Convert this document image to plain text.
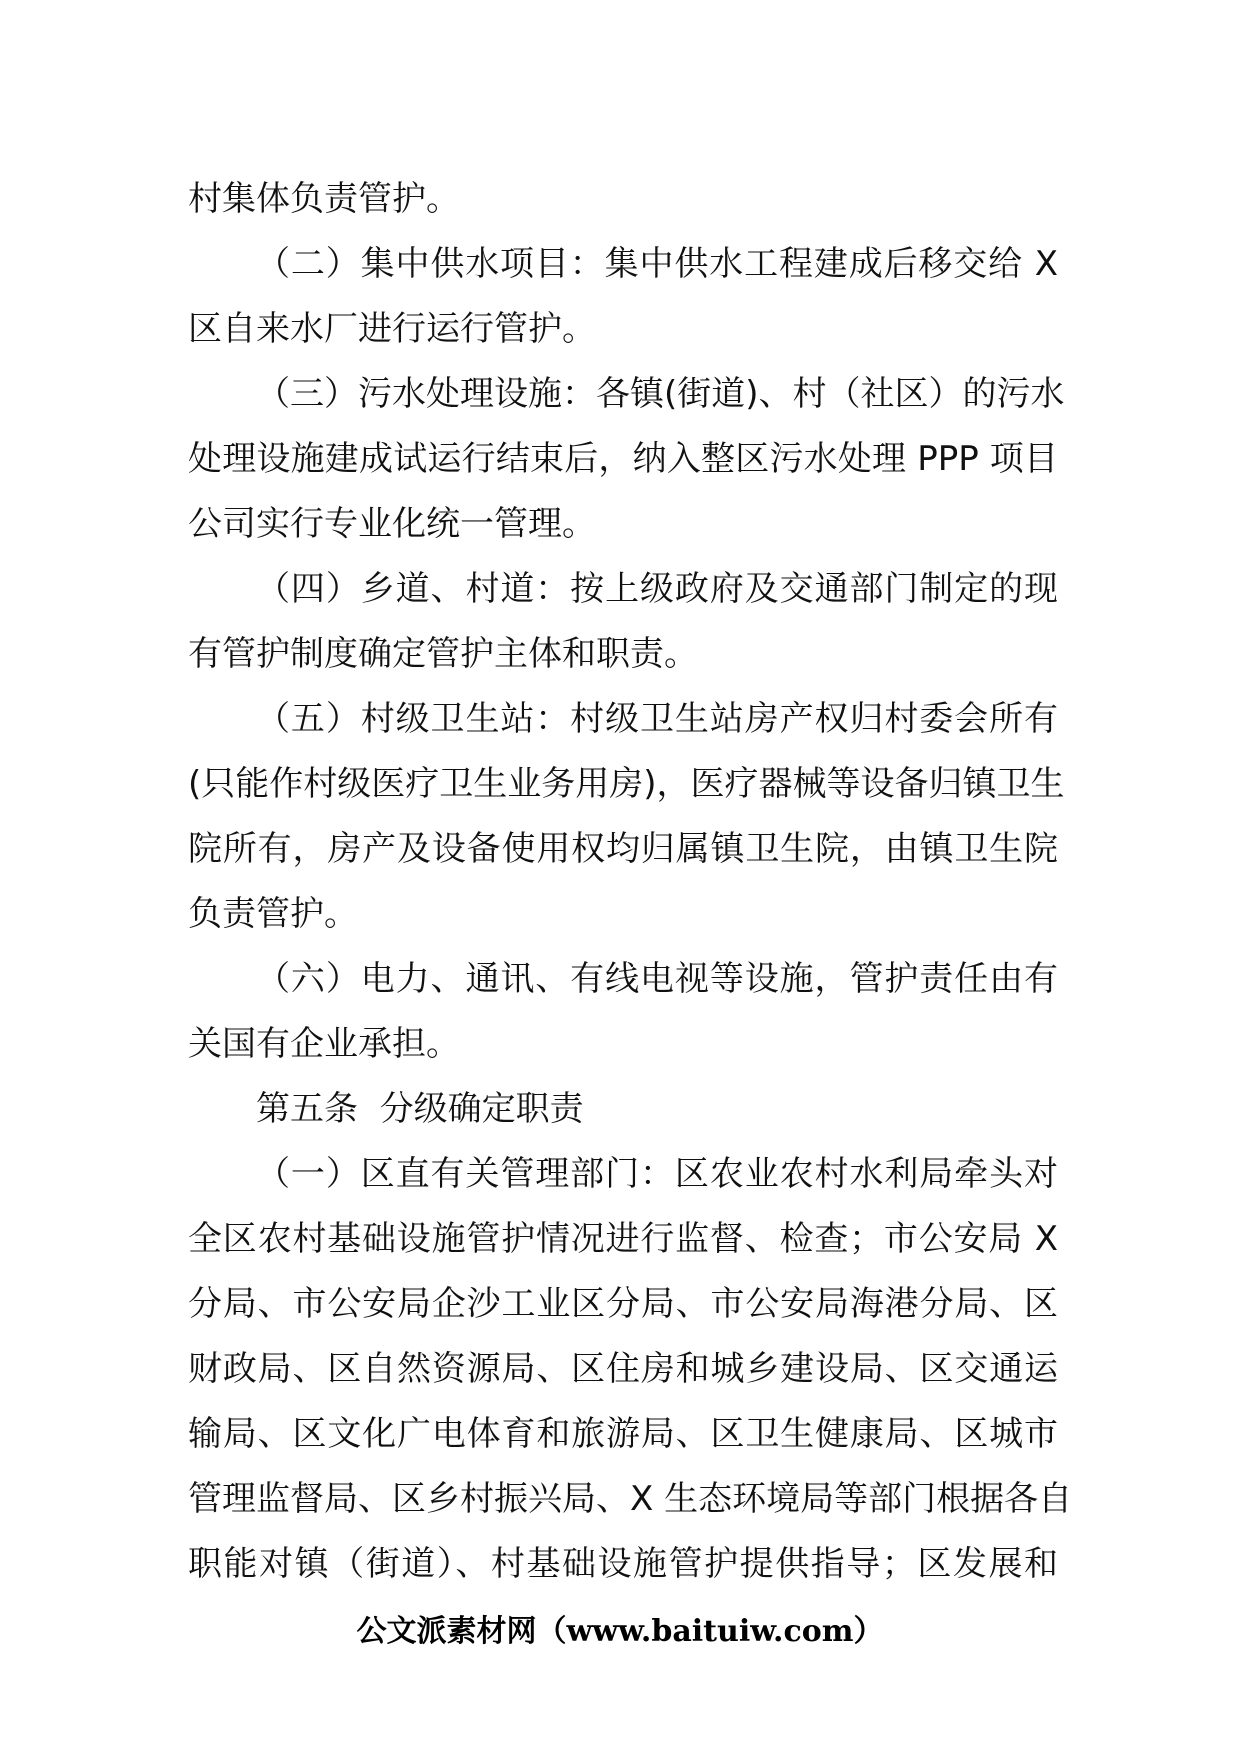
村集体负责管护。
（二）集中供水项目：集中供水工程建成后移交给 X
区自来水厂进行运行管护。
（三）污水处理设施：各镇(街道)、村（社区）的污水
处理设施建成试运行结束后，纳入整区污水处理 PPP 项目
公司实行专业化统一管理。
（四）乡道、村道：按上级政府及交通部门制定的现
有管护制度确定管护主体和职责。
（五）村级卫生站：村级卫生站房产权归村委会所有
(只能作村级医疗卫生业务用房)，医疗器械等设备归镇卫生
院所有，房产及设备使用权均归属镇卫生院，由镇卫生院
负责管护。
（六）电力、通讯、有线电视等设施，管护责任由有
关国有企业承担。
第五条  分级确定职责
（一）区直有关管理部门：区农业农村水利局牵头对
全区农村基础设施管护情况进行监督、检查；市公安局 X
分局、市公安局企沙工业区分局、市公安局海港分局、区
财政局、区自然资源局、区住房和城乡建设局、区交通运
输局、区文化广电体育和旅游局、区卫生健康局、区城市
管理监督局、区乡村振兴局、X 生态环境局等部门根据各自
职能对镇（街道）、村基础设施管护提供指导；区发展和
公文派素材网（www.baituiw.com）
